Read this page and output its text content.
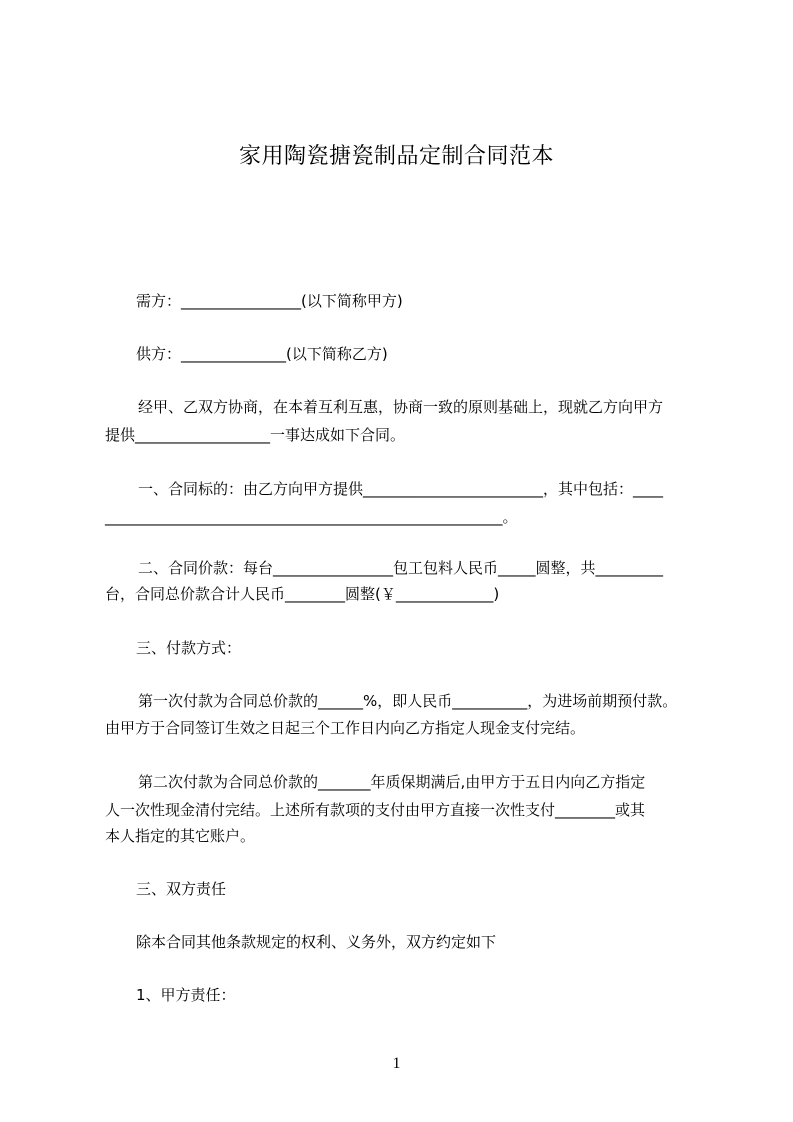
家用陶瓷搪瓷制品定制合同范本
需方：________________(以下简称甲方)
供方：______________(以下简称乙方)
经甲、乙双方协商，在本着互利互惠，协商一致的原则基础上，现就乙方向甲方
提供__________________一事达成如下合同。
一、合同标的：由乙方向甲方提供________________________，其中包括：____
_____________________________________________________。
二、合同价款：每台________________包工包料人民币_____圆整，共_________
台，合同总价款合计人民币________圆整(￥_____________)
三、付款方式：
第一次付款为合同总价款的______%，即人民币__________，为进场前期预付款。
由甲方于合同签订生效之日起三个工作日内向乙方指定人现金支付完结。
第二次付款为合同总价款的_______年质保期满后,由甲方于五日内向乙方指定
人一次性现金清付完结。上述所有款项的支付由甲方直接一次性支付________或其
本人指定的其它账户。
三、双方责任
除本合同其他条款规定的权利、义务外，双方约定如下
1、甲方责任：
1
